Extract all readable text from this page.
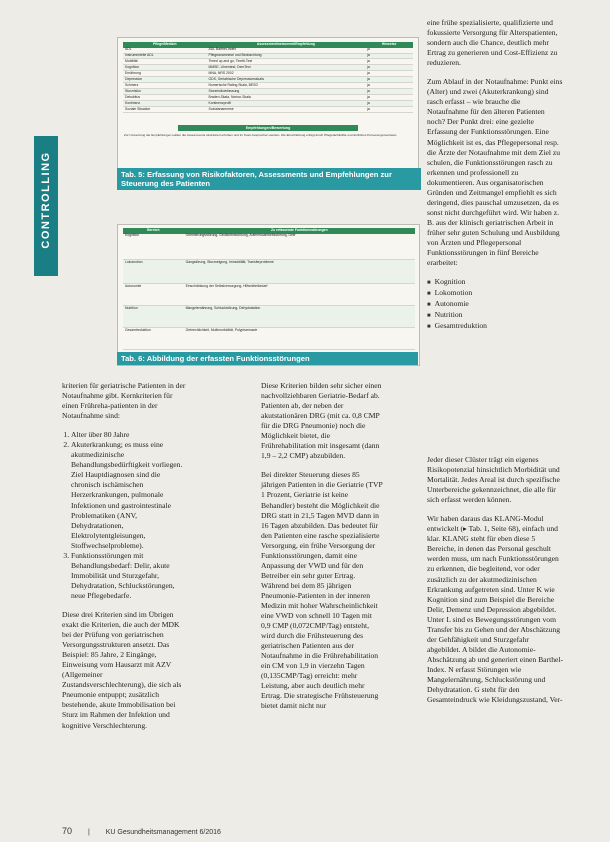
CONTROLLING
Pflege/Medizin	Assessmentinstrument/Empfehlung	Hinweise
ADL	ADL Barthel-Index	ja
Instrumentelle ADL	Pflegeanamnese und Beobachtung	ja
Mobilität	Timed up and go, Tinetti-Test	ja
Kognition	MMSE, Uhrentest, DemTect	ja
Ernährung	MNA, NRS 2002	ja
Depression	GDS, Geriatrische Depressionsskala	ja
Schmerz	Numerische Rating Skala, BESD	ja
Sturzrisiko	Sturzrisikoerfassung	ja
Dekubitus	Braden-Skala, Norton-Skala	ja
Kontinenz	Kontinenzprofil	ja
Soziale Situation	Sozialanamnese	ja
Empfehlungen/Bewertung
Zur Umsetzung der Empfehlungen sollten die Assessments strukturiert erhoben und im Team besprochen werden. Die Einschätzung erfolgt durch Pflegefachkräfte und ärztliches Personal gemeinsam.
Tab. 5: Erfassung von Risikofaktoren, Assessments und Empfehlungen zur Steuerung des Patienten
Bereich	Zu erfassende Funktionsstörungen
Kognition	Orientierungsstörung, Gedächtnisstörung, Aufmerksamkeitsstörung, Delir
Lokomotion	Gangstörung, Sturzneigung, Immobilität, Transferprobleme
Autonomie	Einschränkung der Selbstversorgung, Hilfsmittelbedarf
Nutrition	Mangelernährung, Schluckstörung, Dehydratation
Gesamtreduktion	Gebrechlichkeit, Multimorbidität, Polypharmazie
Tab. 6: Abbildung der erfassten Funktionsstörungen

kriterien für geriatrische Patienten in der Notaufnahme gibt. Kernkriterien für einen Frühreha-patienten in der Notaufnahme sind:

1. Alter über 80 Jahre
2. Akuterkrankung; es muss eine akutmedizinische Behandlungsbedürftigkeit vorliegen. Ziel Hauptdiagnosen sind die chronisch ischämischen Herzerkrankungen, pulmonale Infektionen und gastrointestinale Problematiken (ANV, Dehydratationen, Elektrolytentgleisungen, Stoffwechselprobleme).
3. Funktionsstörungen mit Behandlungsbedarf: Delir, akute Immobilität und Sturzgefahr, Dehydratation, Schluckstörungen, neue Pflegebedarfe.

Diese drei Kriterien sind im Übrigen exakt die Kriterien, die auch der MDK bei der Prüfung von geriatrischen Versorgungsstrukturen ansetzt. Das Beispiel: 85 Jahre, 2 Eingänge, Einweisung vom Hausarzt mit AZV (Allgemeiner Zustandsverschlechterung), die sich als Pneumonie entpuppt; zusätzlich bestehende, akute Immobilisation bei Sturz im Rahmen der Infektion und kognitive Verschlechterung.

Diese Kriterien bilden sehr sicher einen nachvollziehbaren Geriatrie-Bedarf ab. Patienten ab, der neben der akutstationären DRG (mit ca. 0,8 CMP für die DRG Pneumonie) noch die Möglichkeit bietet, die Frührehabilitation mit insgesamt (dann 1,9 – 2,2 CMP) abzubilden.

Bei direkter Steuerung dieses 85 jährigen Patienten in die Geriatrie (TVP 1 Prozent, Geriatrie ist keine Behandler) besteht die Möglichkeit die DRG statt in 21,5 Tagen MVD dann in 16 Tagen abzubilden. Das bedeutet für den Patienten eine rasche spezialisierte Versorgung, ein frühe Versorgung der Funktionsstörungen, damit eine Anpassung der VWD und für den Betreiber ein sehr guter Ertrag. Während bei dem 85 jährigen Pneumonie-Patienten in der inneren Medizin mit hoher Wahrscheinlichkeit eine VWD von schnell 10 Tagen mit 0,9 CMP (0,072CMP/Tag) entsteht, wird durch die Frühsteuerung des geriatrischen Patienten aus der Notaufnahme in die Frührehabilitation ein CM von 1,9 in vierzehn Tagen (0,135CMP/Tag) erreicht: mehr Leistung, aber auch deutlich mehr Ertrag. Die strategische Frühsteuerung bietet damit nicht nur

eine frühe spezialisierte, qualifizierte und fokussierte Versorgung für Alterspatienten, sondern auch die Chance, deutlich mehr Ertrag zu generieren und Cost-Effizienz zu reduzieren.

Zum Ablauf in der Notaufnahme: Punkt eins (Alter) und zwei (Akuterkrankung) sind rasch erfasst – wie brauche die Notaufnahme für den älteren Patienten noch? Der Punkt drei: eine gezielte Erfassung der Funktionsstörungen. Eine Möglichkeit ist es, das Pflegepersonal resp. die Ärzte der Notaufnahme mit dem Ziel zu schulen, die Funktionsstörungen rasch zu erkennen und professionell zu dokumentieren. Aus organisatorischen Gründen und Zeitmangel empfiehlt es sich deringend, dies pauschal umzusetzen, da es sonst nicht durchgeführt wird. Wir haben z. B. aus der klinisch geriatrischen Arbeit in früher sehr guten Schulung und Ausbildung von Ärzten und Pflegepersonal Funktionsstörungen in fünf Bereiche erarbeitet:

■ Kognition
■ Lokomotion
■ Autonomie
■ Nutrition
■ Gesamtreduktion

Jeder dieser Clüster trägt ein eigenes Risikopotenzial hinsichtlich Morbidität und Mortalität. Jedes Areal ist durch spezifische Unterbereiche gekennzeichnet, die alle für sich erfasst werden können.

Wir haben daraus das KLANG-Modul entwickelt (▸ Tab. 1, Seite 68), einfach und klar. KLANG steht für eben diese 5 Bereiche, in denen das Personal geschult werden muss, um nach Funktionsstörungen zu erkennen, die begleitend, vor oder zusätzlich zu der akutmedizinischen Erkrankung aufgetreten sind. Unter K wie Kognition sind zum Beispiel die Bereiche Delir, Demenz und Depression abgebildet. Unter L sind es Bewegungsstörungen vom Transfer bis zu Gehen und der Abschätzung der Gehfähigkeit und Sturzgefahr abgebildet. A bildet die Autonomie-Abschätzung ab und generiert einen Barthel-Index. N erfasst Störungen wie Mangelernährung, Schluckstörung und Dehydratation. G steht für den Gesamteindruck wie Kleidungszustand, Ver-

70 | KU Gesundheitsmanagement 6/2016
